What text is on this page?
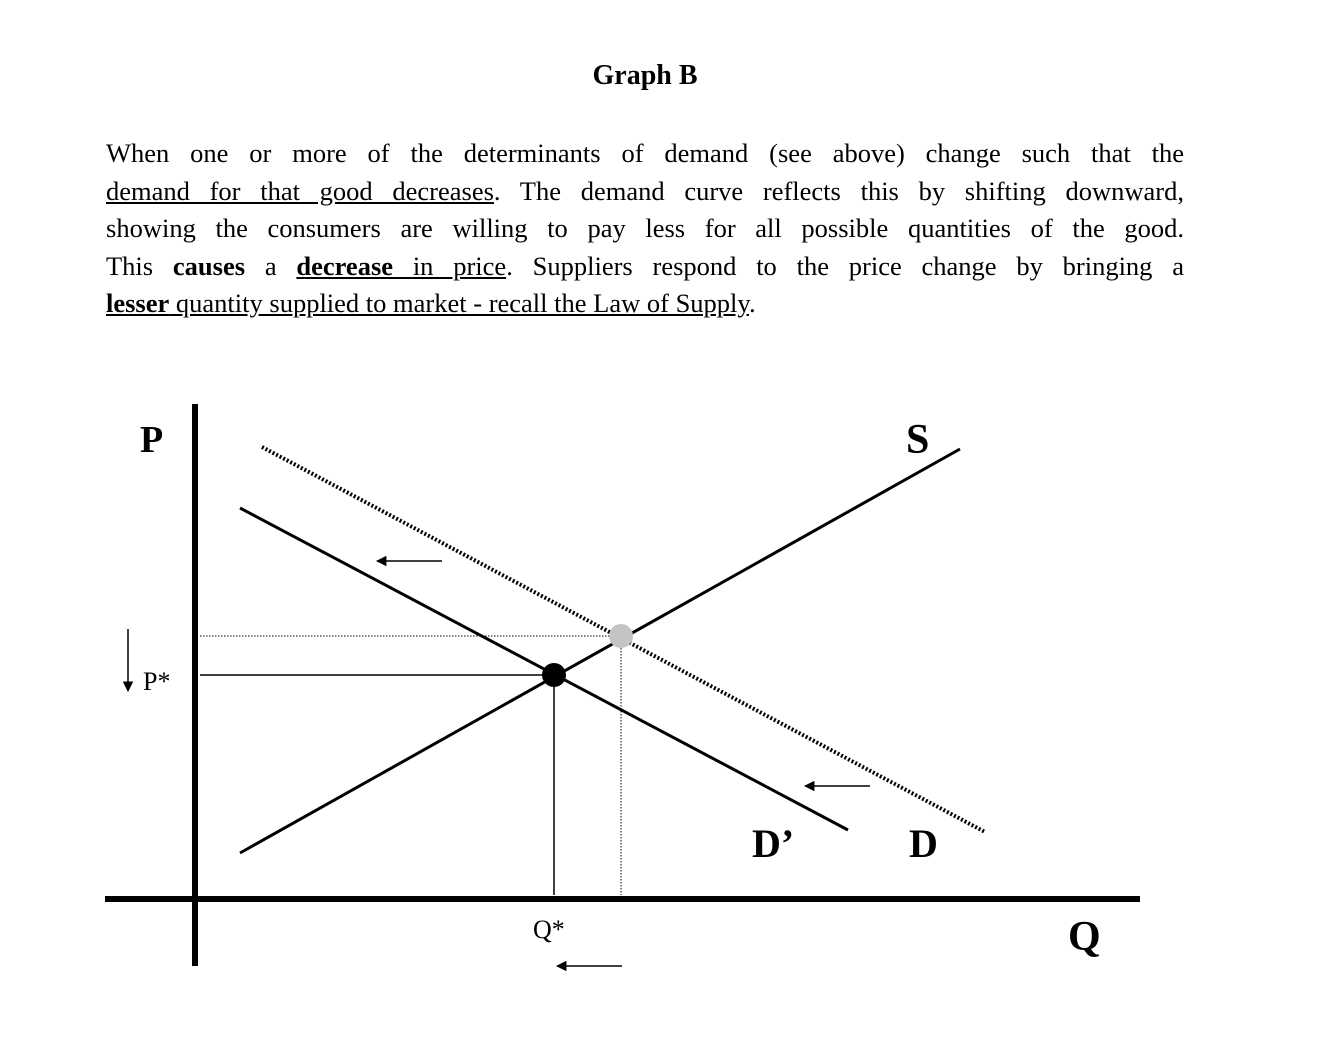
Graph B
When one or more of the determinants of demand (see above) change such that the
demand for that good decreases. The demand curve reflects this by shifting downward,
showing the consumers are willing to pay less for all possible quantities of the good.
This causes a decrease in price. Suppliers respond to the price change by bringing a
lesser quantity supplied to market - recall the Law of Supply.
P
Q
P*
Q*
S
D’	D
